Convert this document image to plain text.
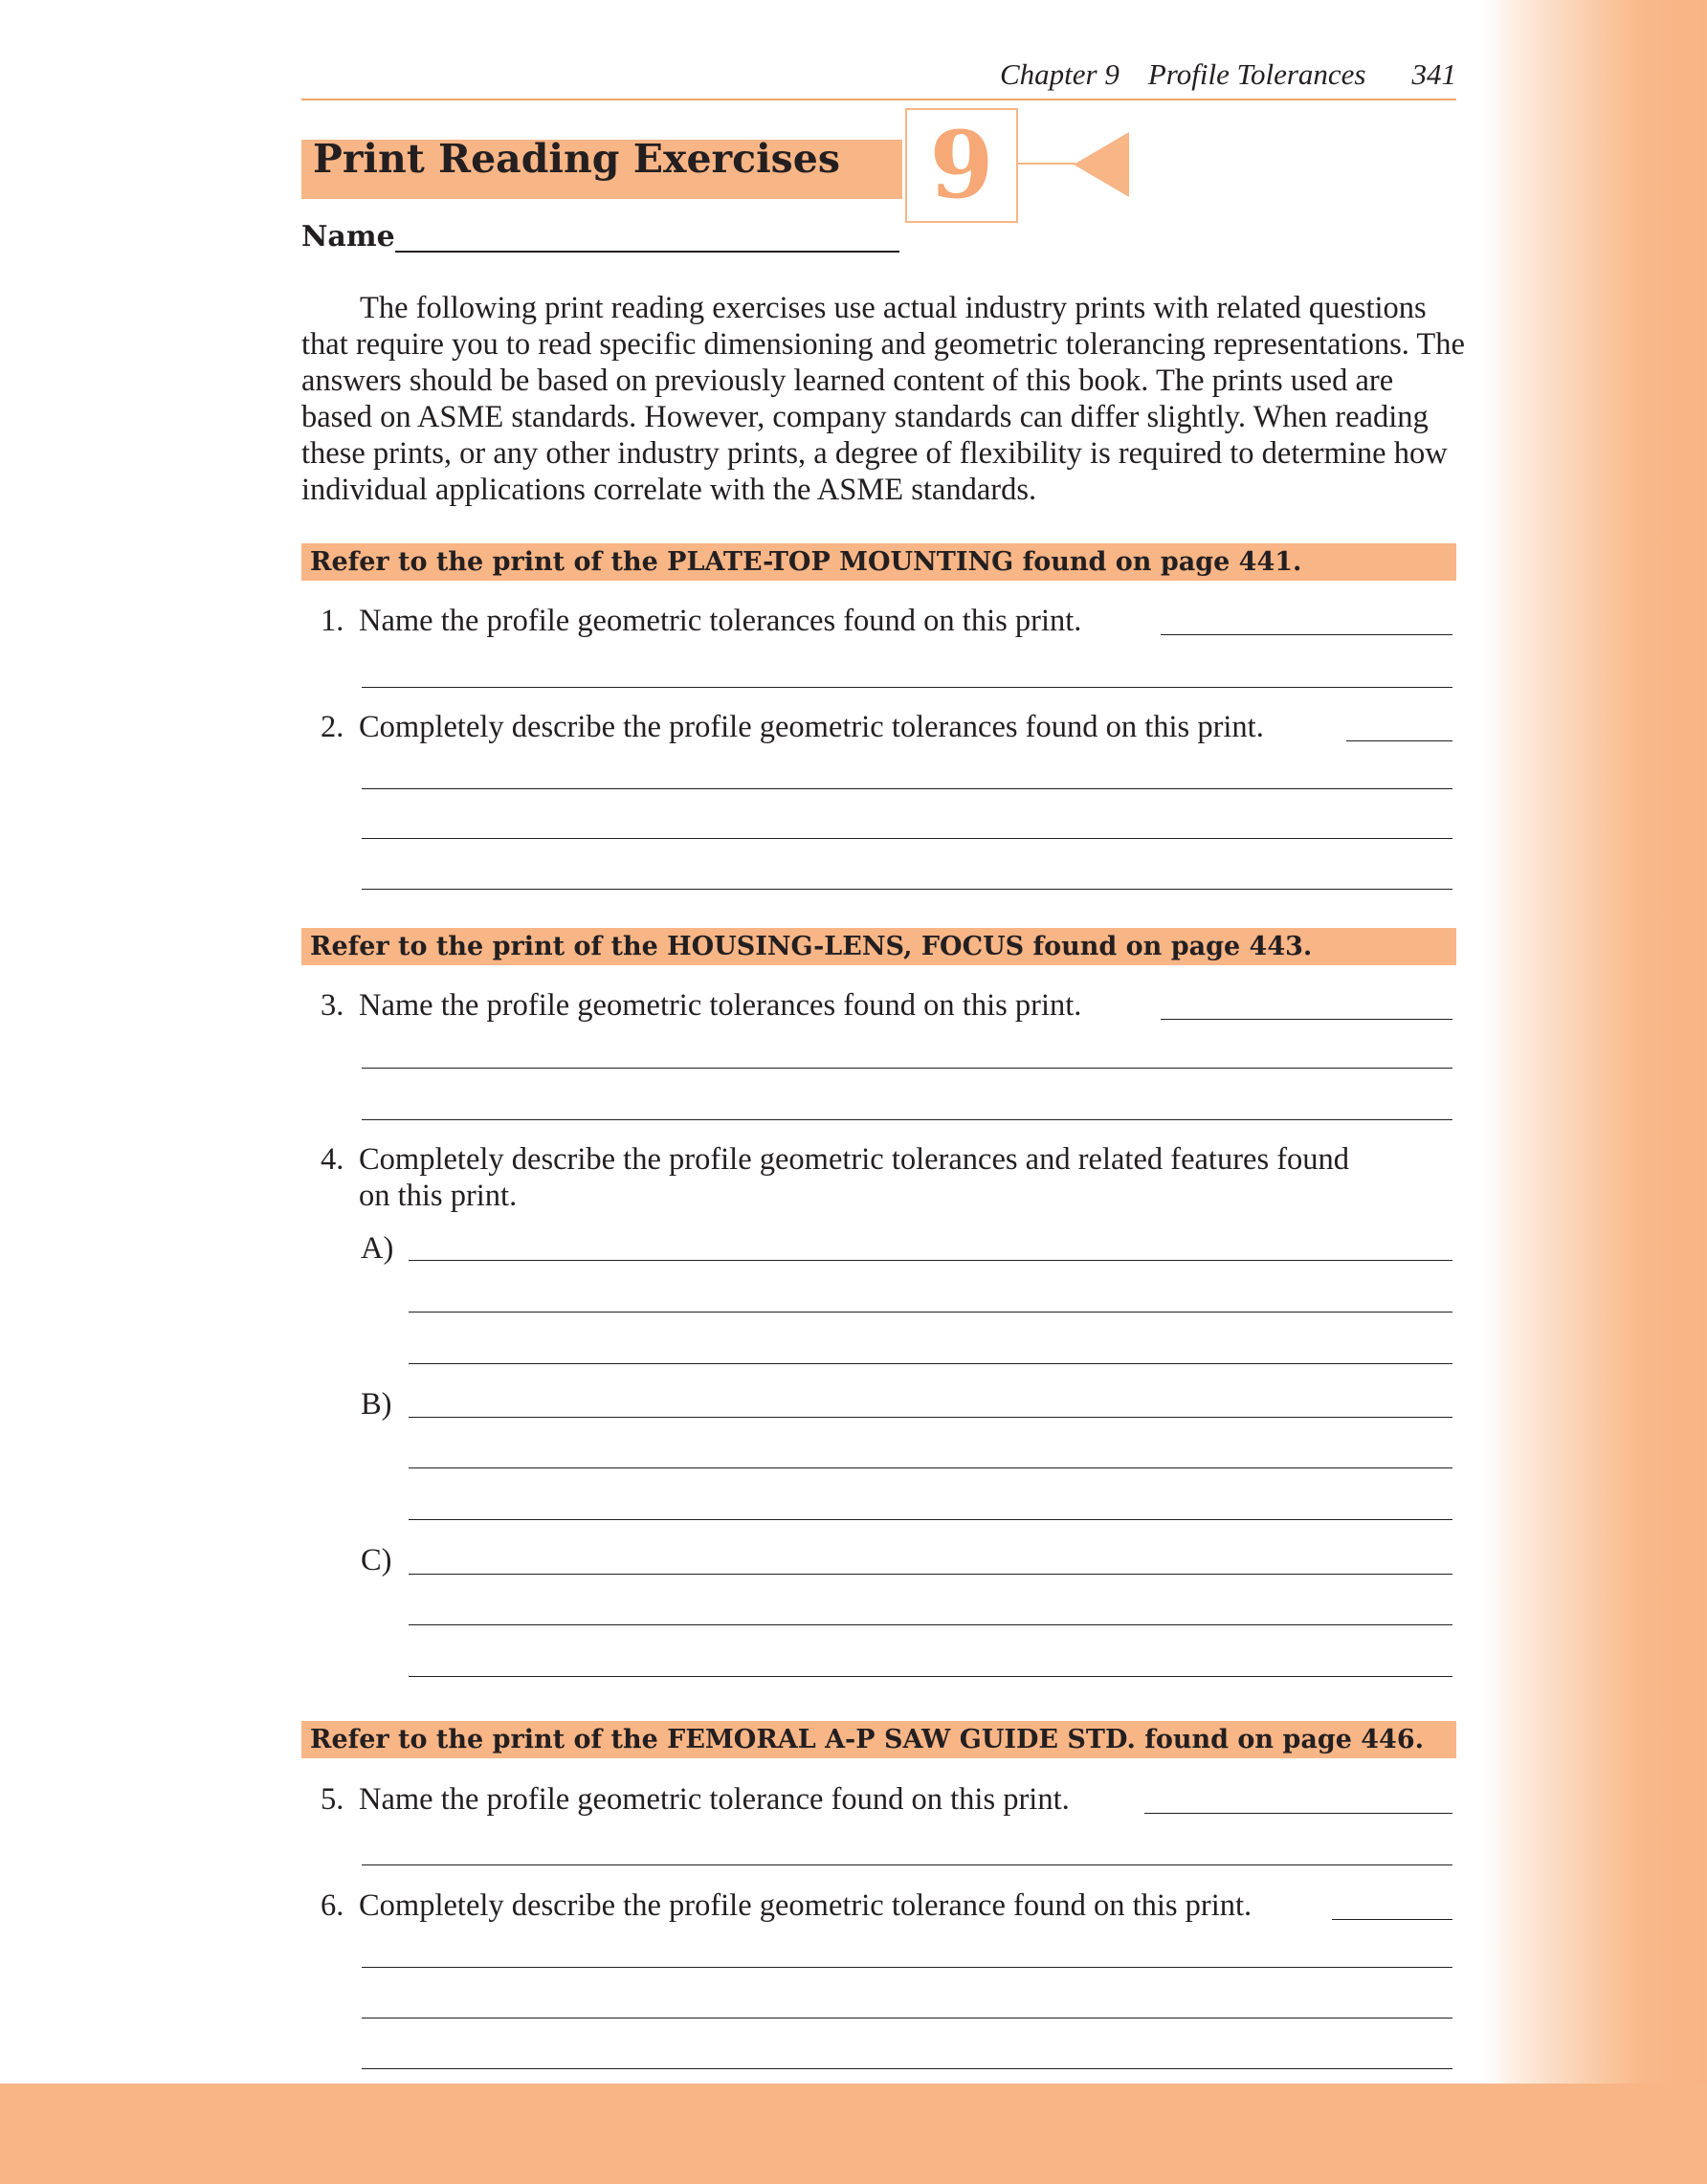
Chapter 9 Profile Tolerances 341
Print Reading Exercises 9
Name

The following print reading exercises use actual industry prints with related questions that require you to read specific dimensioning and geometric tolerancing representations. The answers should be based on previously learned content of this book. The prints used are based on ASME standards. However, company standards can differ slightly. When reading these prints, or any other industry prints, a degree of flexibility is required to determine how individual applications correlate with the ASME standards.

Refer to the print of the PLATE-TOP MOUNTING found on page 441.
1. Name the profile geometric tolerances found on this print.
2. Completely describe the profile geometric tolerances found on this print.
Refer to the print of the HOUSING-LENS, FOCUS found on page 443.
3. Name the profile geometric tolerances found on this print.
4. Completely describe the profile geometric tolerances and related features found
on this print.
A)
B)
C)
Refer to the print of the FEMORAL A-P SAW GUIDE STD. found on page 446.
5. Name the profile geometric tolerance found on this print.
6. Completely describe the profile geometric tolerance found on this print.
